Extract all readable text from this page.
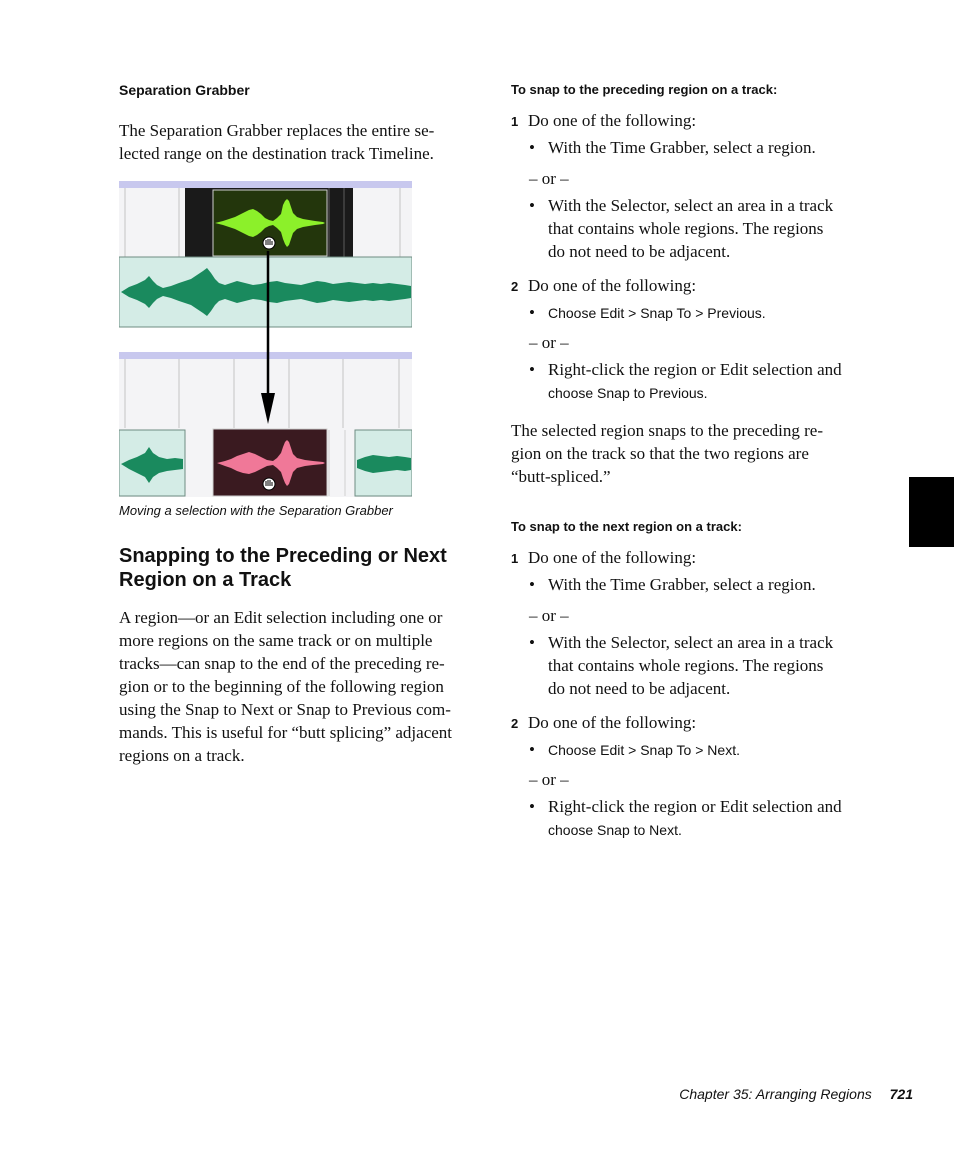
Separation Grabber

The Separation Grabber replaces the entire se-
lected range on the destination track Timeline.

Moving a selection with the Separation Grabber

Snapping to the Preceding or Next
Region on a Track

A region—or an Edit selection including one or
more regions on the same track or on multiple
tracks—can snap to the end of the preceding re-
gion or to the beginning of the following region
using the Snap to Next or Snap to Previous com-
mands. This is useful for “butt splicing” adjacent
regions on a track.

To snap to the preceding region on a track:

1 Do one of the following:
• With the Time Grabber, select a region.
– or –
• With the Selector, select an area in a track
that contains whole regions. The regions
do not need to be adjacent.
2 Do one of the following:
• Choose Edit > Snap To > Previous.
– or –
• Right-click the region or Edit selection and
choose Snap to Previous.

The selected region snaps to the preceding re-
gion on the track so that the two regions are
“butt-spliced.”

To snap to the next region on a track:

1 Do one of the following:
• With the Time Grabber, select a region.
– or –
• With the Selector, select an area in a track
that contains whole regions. The regions
do not need to be adjacent.
2 Do one of the following:
• Choose Edit > Snap To > Next.
– or –
• Right-click the region or Edit selection and
choose Snap to Next.
Chapter 35: Arranging Regions 721
